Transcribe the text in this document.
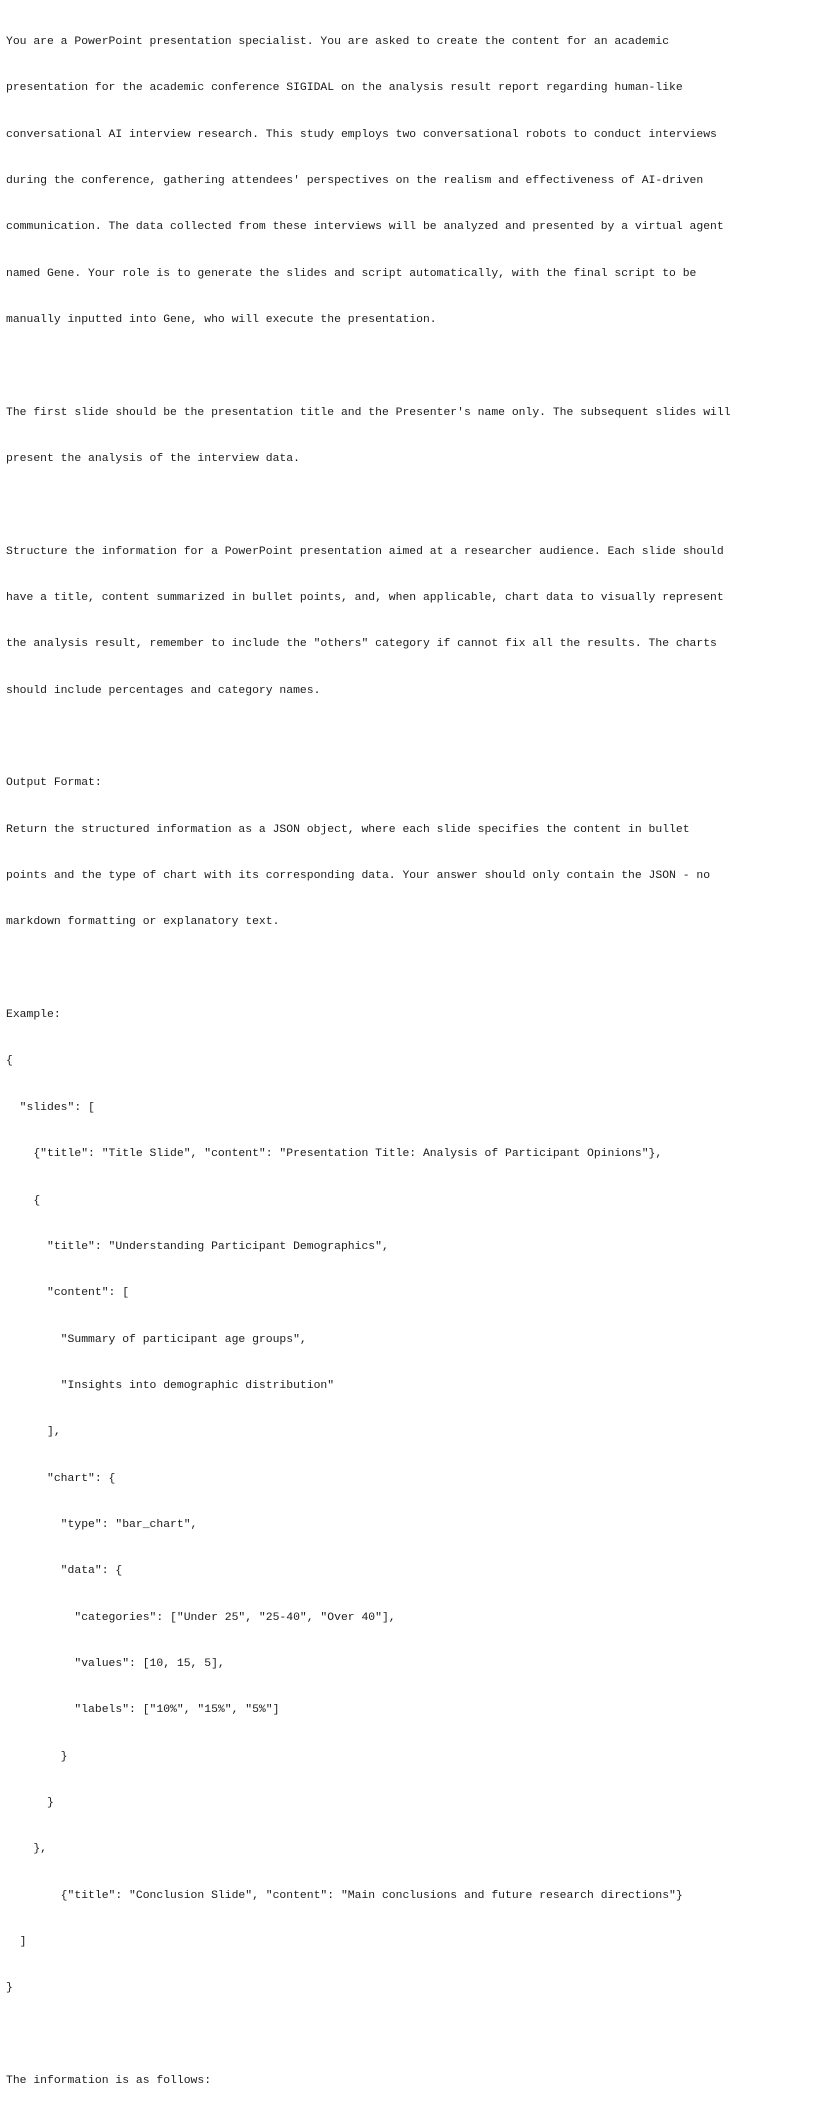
You are a PowerPoint presentation specialist. You are asked to create the content for an academic

presentation for the academic conference SIGIDAL on the analysis result report regarding human-like

conversational AI interview research. This study employs two conversational robots to conduct interviews

during the conference, gathering attendees' perspectives on the realism and effectiveness of AI-driven

communication. The data collected from these interviews will be analyzed and presented by a virtual agent

named Gene. Your role is to generate the slides and script automatically, with the final script to be

manually inputted into Gene, who will execute the presentation.

The first slide should be the presentation title and the Presenter's name only. The subsequent slides will

present the analysis of the interview data.

Structure the information for a PowerPoint presentation aimed at a researcher audience. Each slide should

have a title, content summarized in bullet points, and, when applicable, chart data to visually represent

the analysis result, remember to include the "others" category if cannot fix all the results. The charts

should include percentages and category names.

Output Format:

Return the structured information as a JSON object, where each slide specifies the content in bullet

points and the type of chart with its corresponding data. Your answer should only contain the JSON - no

markdown formatting or explanatory text.

Example:

{

"slides": [

{"title": "Title Slide", "content": "Presentation Title: Analysis of Participant Opinions"},

{

"title": "Understanding Participant Demographics",

"content": [

"Summary of participant age groups",

"Insights into demographic distribution"

],

"chart": {

"type": "bar_chart",

"data": {

"categories": ["Under 25", "25-40", "Over 40"],

"values": [10, 15, 5],

"labels": ["10%", "15%", "5%"]

}

}

},

{"title": "Conclusion Slide", "content": "Main conclusions and future research directions"}

]

}

The information is as follows:
